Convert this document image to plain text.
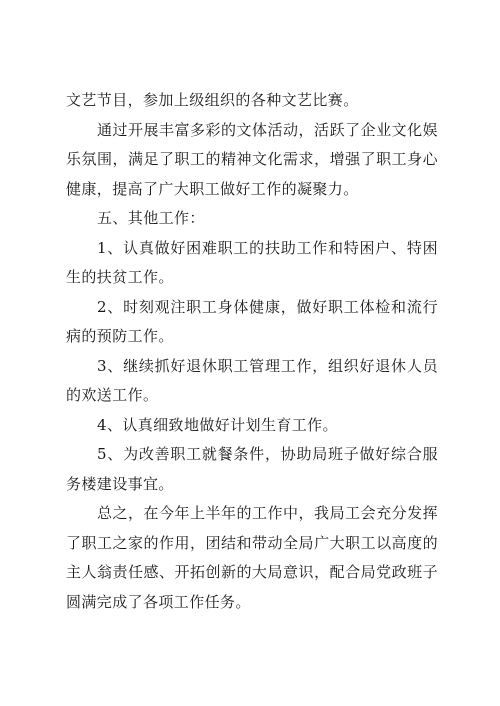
文艺节目，参加上级组织的各种文艺比赛。

通过开展丰富多彩的文体活动，活跃了企业文化娱乐氛围，满足了职工的精神文化需求，增强了职工身心健康，提高了广大职工做好工作的凝聚力。

五、其他工作：

1、认真做好困难职工的扶助工作和特困户、特困生的扶贫工作。

2、时刻观注职工身体健康，做好职工体检和流行病的预防工作。

3、继续抓好退休职工管理工作，组织好退休人员的欢送工作。

4、认真细致地做好计划生育工作。

5、为改善职工就餐条件，协助局班子做好综合服务楼建设事宜。

总之，在今年上半年的工作中，我局工会充分发挥了职工之家的作用，团结和带动全局广大职工以高度的主人翁责任感、开拓创新的大局意识，配合局党政班子圆满完成了各项工作任务。
